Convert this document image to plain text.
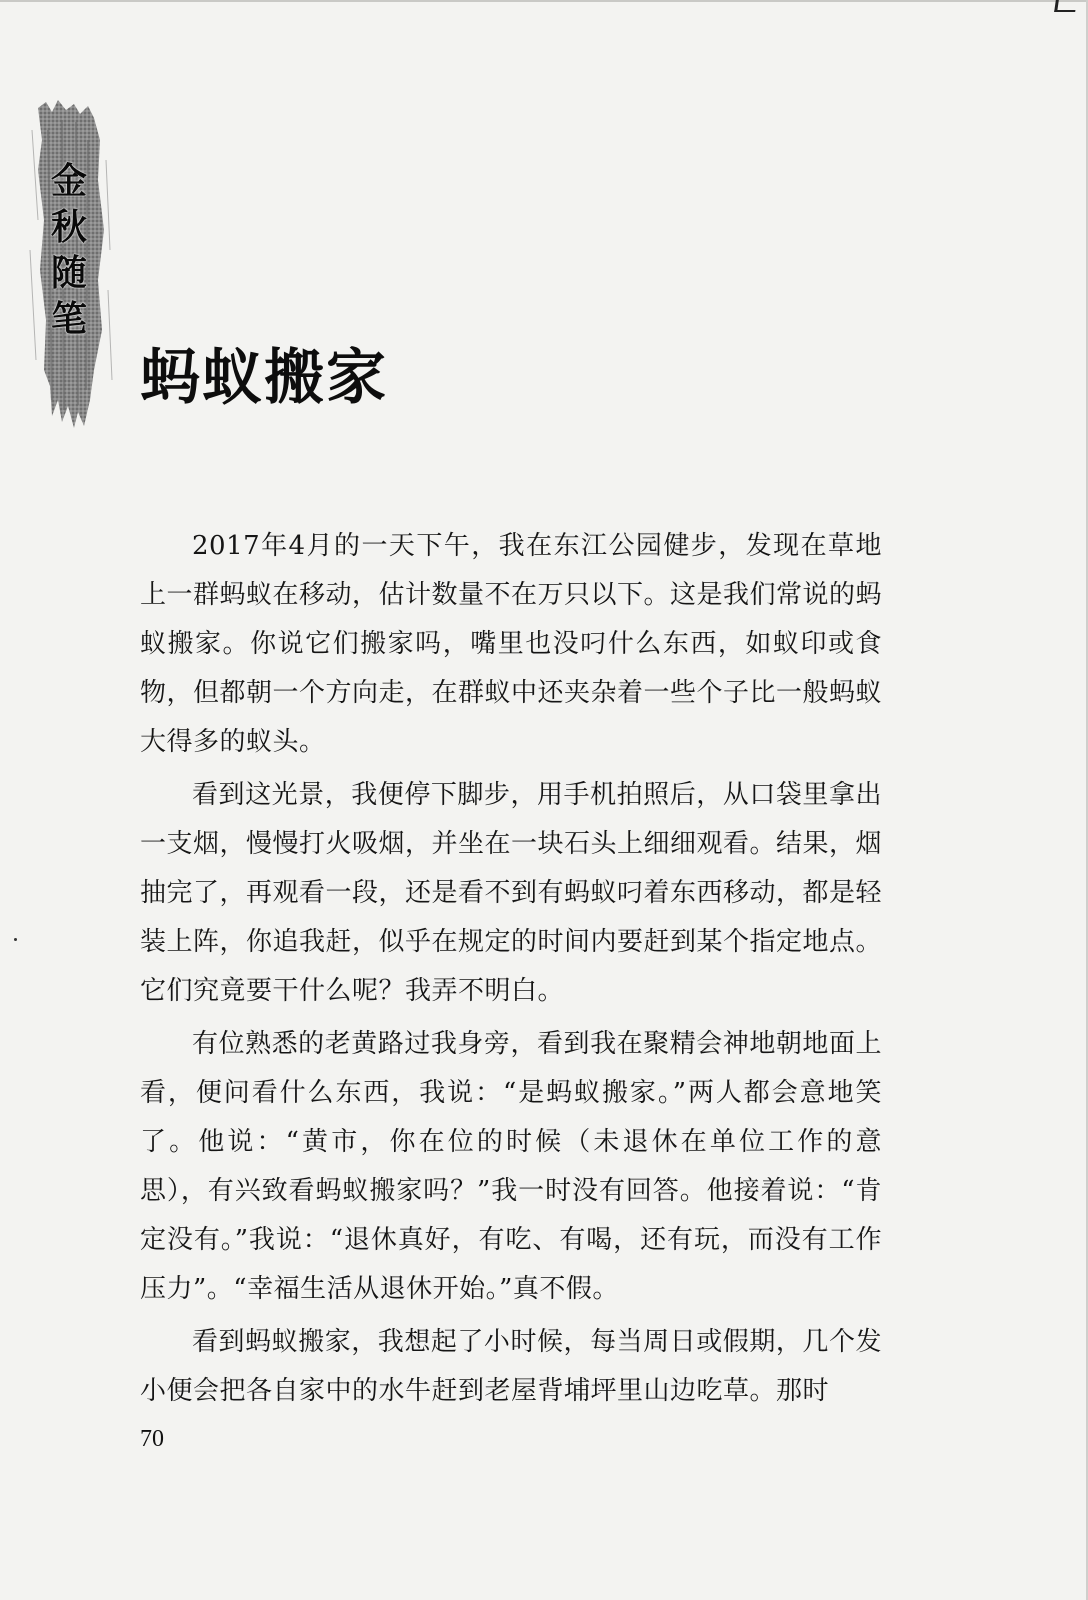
金
秋
随
笔
蚂蚁搬家

2017年4月的一天下午，我在东江公园健步，发现在草地上一群蚂蚁在移动，估计数量不在万只以下。这是我们常说的蚂蚁搬家。你说它们搬家吗，嘴里也没叼什么东西，如蚁印或食物，但都朝一个方向走，在群蚁中还夹杂着一些个子比一般蚂蚁大得多的蚁头。

看到这光景，我便停下脚步，用手机拍照后，从口袋里拿出一支烟，慢慢打火吸烟，并坐在一块石头上细细观看。结果，烟抽完了，再观看一段，还是看不到有蚂蚁叼着东西移动，都是轻装上阵，你追我赶，似乎在规定的时间内要赶到某个指定地点。它们究竟要干什么呢？我弄不明白。

有位熟悉的老黄路过我身旁，看到我在聚精会神地朝地面上看，便问看什么东西，我说：“是蚂蚁搬家。”两人都会意地笑了。他说：“黄市，你在位的时候（未退休在单位工作的意思），有兴致看蚂蚁搬家吗？”我一时没有回答。他接着说：“肯定没有。”我说：“退休真好，有吃、有喝，还有玩，而没有工作压力”。“幸福生活从退休开始。”真不假。

看到蚂蚁搬家，我想起了小时候，每当周日或假期，几个发小便会把各自家中的水牛赶到老屋背埔坪里山边吃草。那时

70
